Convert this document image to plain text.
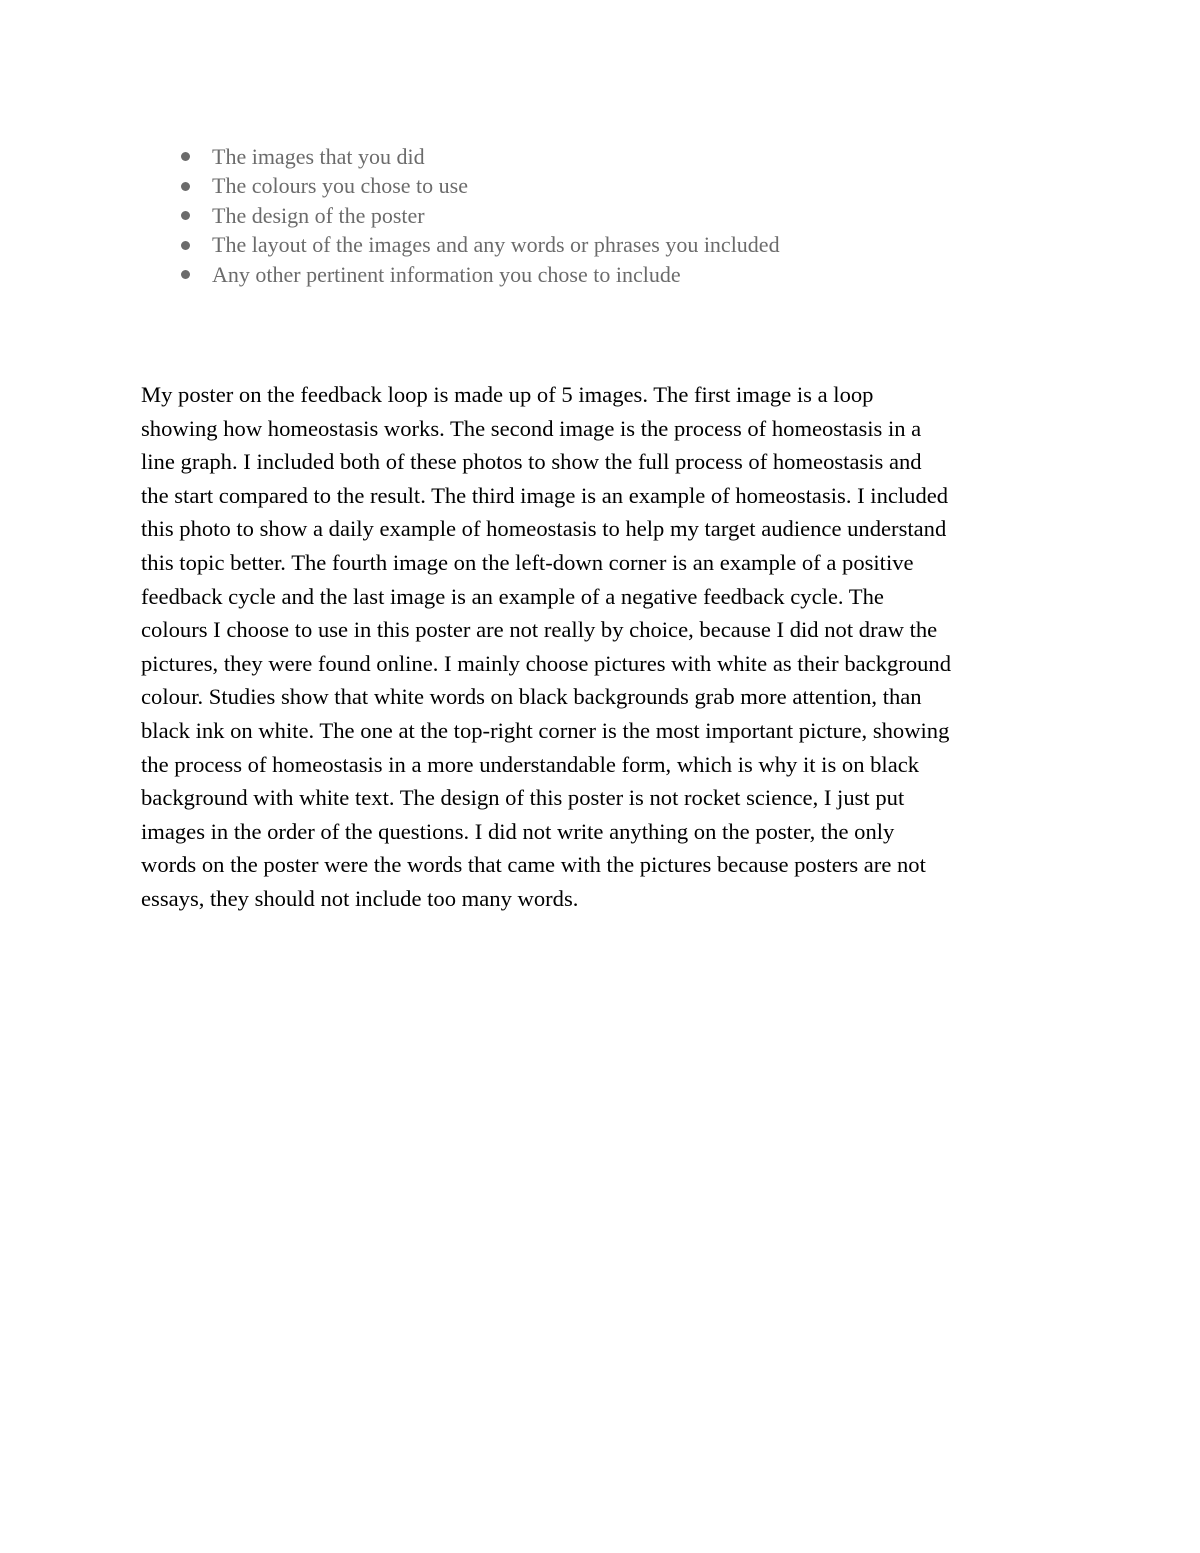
The images that you did
The colours you chose to use
The design of the poster
The layout of the images and any words or phrases you included
Any other pertinent information you chose to include
My poster on the feedback loop is made up of 5 images. The first image is a loop
showing how homeostasis works. The second image is the process of homeostasis in a
line graph. I included both of these photos to show the full process of homeostasis and
the start compared to the result. The third image is an example of homeostasis. I included
this photo to show a daily example of homeostasis to help my target audience understand
this topic better. The fourth image on the left-down corner is an example of a positive
feedback cycle and the last image is an example of a negative feedback cycle. The
colours I choose to use in this poster are not really by choice, because I did not draw the
pictures, they were found online. I mainly choose pictures with white as their background
colour. Studies show that white words on black backgrounds grab more attention, than
black ink on white. The one at the top-right corner is the most important picture, showing
the process of homeostasis in a more understandable form, which is why it is on black
background with white text. The design of this poster is not rocket science, I just put
images in the order of the questions. I did not write anything on the poster, the only
words on the poster were the words that came with the pictures because posters are not
essays, they should not include too many words.
